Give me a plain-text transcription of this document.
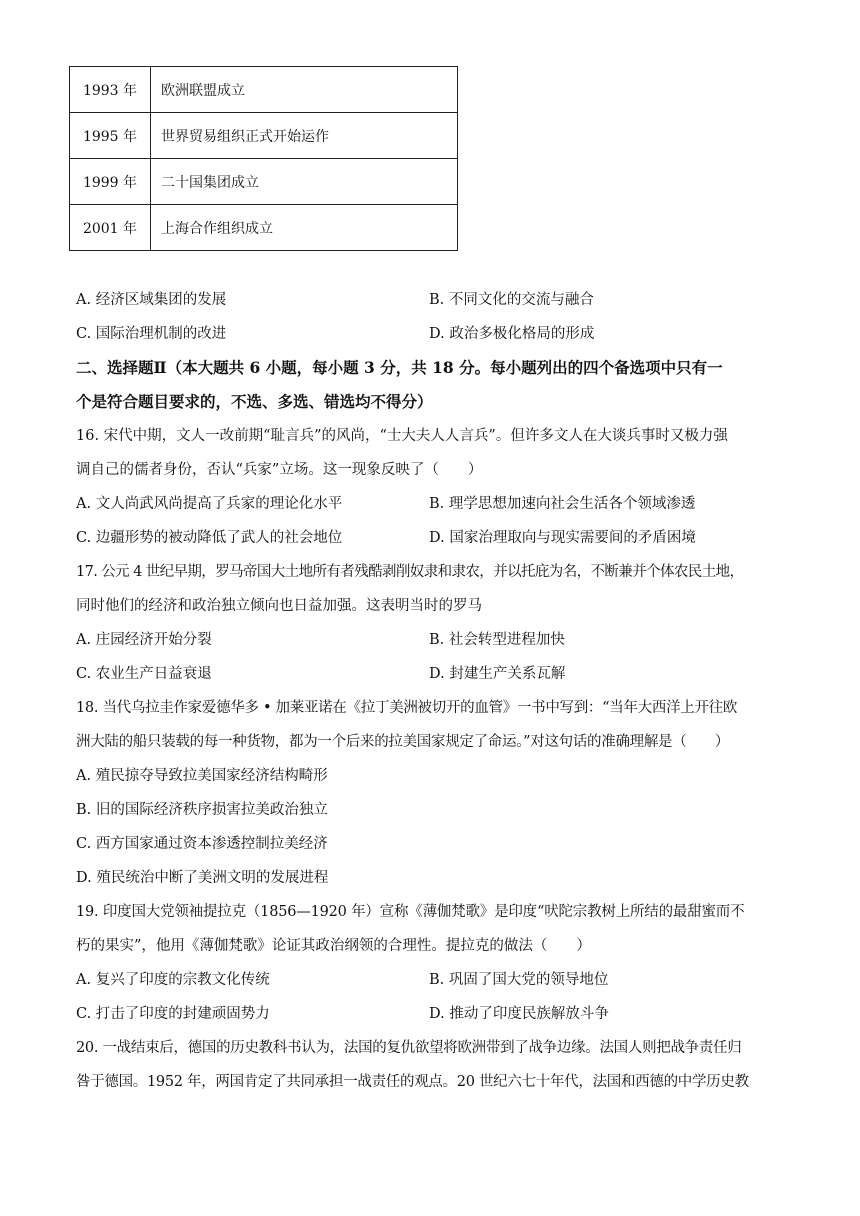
1993 年	欧洲联盟成立
1995 年	世界贸易组织正式开始运作
1999 年	二十国集团成立
2001 年	上海合作组织成立
A. 经济区域集团的发展	B. 不同文化的交流与融合
C. 国际治理机制的改进	D. 政治多极化格局的形成
二、选择题Ⅱ（本大题共 6 小题，每小题 3 分，共 18 分。每小题列出的四个备选项中只有一
个是符合题目要求的，不选、多选、错选均不得分）
16. 宋代中期，文人一改前期“耻言兵”的风尚，“士大夫人人言兵”。但许多文人在大谈兵事时又极力强
调自己的儒者身份，否认“兵家”立场。这一现象反映了（　　）
A. 文人尚武风尚提高了兵家的理论化水平	B. 理学思想加速向社会生活各个领域渗透
C. 边疆形势的被动降低了武人的社会地位	D. 国家治理取向与现实需要间的矛盾困境
17. 公元 4 世纪早期，罗马帝国大土地所有者残酷剥削奴隶和隶农，并以托庇为名，不断兼并个体农民土地，
同时他们的经济和政治独立倾向也日益加强。这表明当时的罗马
A. 庄园经济开始分裂	B. 社会转型进程加快
C. 农业生产日益衰退	D. 封建生产关系瓦解
18. 当代乌拉圭作家爱德华多 • 加莱亚诺在《拉丁美洲被切开的血管》一书中写到：“当年大西洋上开往欧
洲大陆的船只装载的每一种货物，都为一个后来的拉美国家规定了命运。”对这句话的准确理解是（　　）
A. 殖民掠夺导致拉美国家经济结构畸形
B. 旧的国际经济秩序损害拉美政治独立
C. 西方国家通过资本渗透控制拉美经济
D. 殖民统治中断了美洲文明的发展进程
19. 印度国大党领袖提拉克（1856—1920 年）宣称《薄伽梵歌》是印度“吠陀宗教树上所结的最甜蜜而不
朽的果实”，他用《薄伽梵歌》论证其政治纲领的合理性。提拉克的做法（　　）
A. 复兴了印度的宗教文化传统	B. 巩固了国大党的领导地位
C. 打击了印度的封建顽固势力	D. 推动了印度民族解放斗争
20. 一战结束后，德国的历史教科书认为，法国的复仇欲望将欧洲带到了战争边缘。法国人则把战争责任归
咎于德国。1952 年，两国肯定了共同承担一战责任的观点。20 世纪六七十年代，法国和西德的中学历史教
